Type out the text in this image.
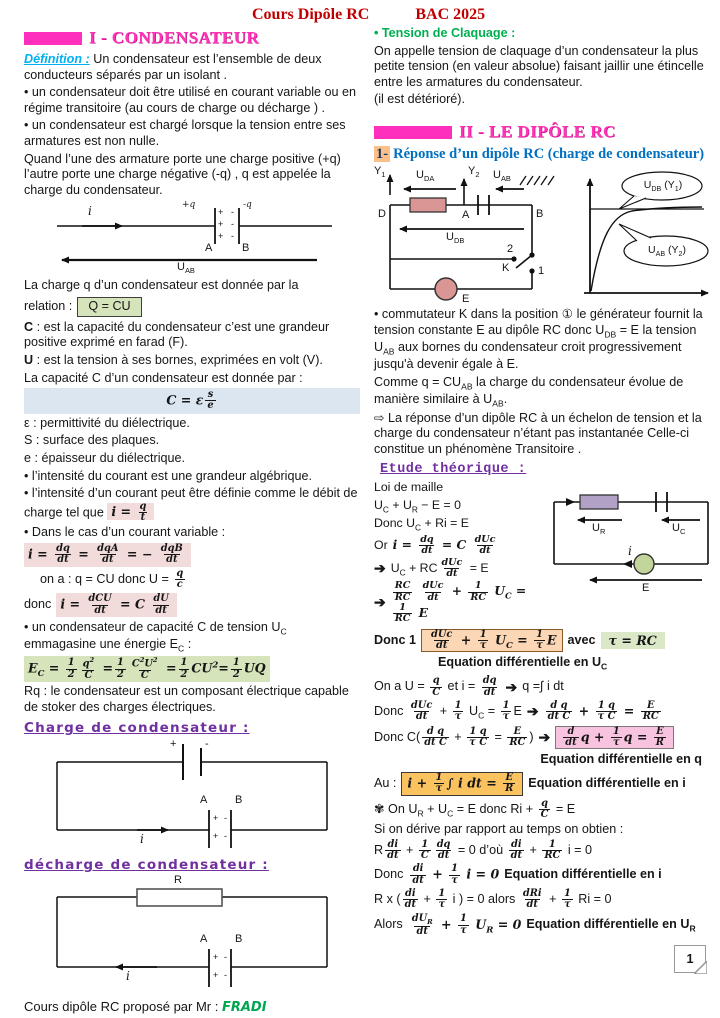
Cours Dipôle RC	BAC 2025
I - CONDENSATEUR

Définition : Un condensateur est l’ensemble de deux conducteurs séparés par un isolant .

• un condensateur doit être utilisé en courant variable ou en régime transitoire (au cours de charge ou décharge ) .

• un condensateur est chargé lorsque la tension entre ses armatures est non nulle.

Quand l’une des armature porte une charge positive (+q) l’autre porte une charge négative (-q) , q est appelée la charge du condensateur.

i	+q	-q
+
+
+
-
-
-
A	B
$U_{AB}$

La charge q d’un condensateur est donnée par la

relation :	Q = CU

C : est la capacité du condensateur c’est une grandeur positive exprimé en farad (F).

U : est la tension à ses bornes, exprimées en volt (V).

La capacité C d’un condensateur est donnée par :

C = ε $\frac{s}{e}$

ε : permittivité du diélectrique.

S : surface des plaques.

e : épaisseur du diélectrique.

• l’intensité du courant est une grandeur algébrique.

• l’intensité d’un courant peut être définie comme le débit de charge tel que $i = \frac{q}{t}$

• Dans le cas d’un courant variable :

$i = \frac{dq}{dt} = \frac{\text{dqA}}{dt}$ = − $\frac{\text{dqB}}{dt}$

on a : q = CU donc $U = \frac{q}{c}$

donc $i = \frac{\text{dCU}}{dt} = C \frac{dU}{dt}$

• un condensateur de capacité C de tension $U_C$ emmagasine une énergie $E_C$ :

$E_C = \frac{1}{2} \frac{q^2}{C} = \frac{1}{2} \frac{C^2U^2}{C} = \frac{1}{2} CU^2= \frac{1}{2}$ UQ

Rq : le condensateur est un composant électrique capable de stoker des charges électriques.

Charge de condensateur :
+	-
A	B
+
+
-
-
i
décharge de condensateur :
R
A	B
+
+
-
-
i

Cours dipôle RC proposé par Mr : FRADI

• Tension de Claquage :

On appelle tension de claquage d’un condensateur la plus petite tension (en valeur absolue) faisant jaillir une étincelle entre les armatures du condensateur.

(il est détérioré).

II - LE DIPÔLE RC

1- Réponse d’un dipôle RC (charge de condensateur)

$Y_1$	$U_{DA}$
$Y_2$ $U_{AB}$
D	A	B
$U_{DB}$
2
K	1
E
$U_{DB}$ $(Y_1)$
$U_{AB}$ $(Y_2)$

• commutateur K dans la position ① le générateur fournit la tension constante E au dipôle RC donc $U_{DB} = E$ la tension $U_{AB}$ aux bornes du condensateur croit progressivement jusqu'à devenir égale à E.

Comme $q = CU_{AB}$ la charge du condensateur évolue de manière similaire à $U_{AB}$.

⇨ La réponse d’un dipôle RC à un échelon de tension et la charge du condensateur n’étant pas instantanée Celle-ci constitue un phénomène Transitoire .

Etude théorique :

Loi de maille

$U_C + U_R - E = 0$

Donc $U_C + Ri = E$

Or $i = \frac{dq}{dt} = C \frac{\text{dUc}}{dt}$

➔ $U_C$ + RC $\frac{\text{dUc}}{dt} = E$

➔ $\frac{RC}{RC}$
$\frac{\text{dUc}}{dt} + \frac{1}{RC} U_C$ =
$\frac{1}{RC}$ E

$U_R$	$U_C$
i
E

Donc $1 \frac{\text{dUc}}{dt} + \frac{1}{\tau} U_C = \frac{1}{\tau}$ E avec	τ = RC

Equation différentielle en $U_C$

On a $U = \frac{q}{C}$ et $i = \frac{dq}{dt}$ ➔ q =∫ i dt

Donc $\frac{\text{dUc}}{dt} + \frac{1}{\tau} U_C = \frac{1}{\tau}$ E ➔ $\frac{\text{d q}}{\text{dt C}} + \frac{1 q}{\text{τ C}} = \frac{E}{RC}$

Donc $C( \frac{\text{d q}}{\text{dt C}} + \frac{1 q}{\text{τ C}} = \frac{E}{RC}$ ) ➔ $\frac{d}{dt}$ $q + \frac{1}{\tau}$ $q = \frac{E}{R}$

Equation différentielle en q

Au : $i + \frac{1}{\tau}$ ∫ i dt = $\frac{E}{R}$ Equation différentielle en i

✾ On $U_R + U_C = E$ donc $Ri + \frac{q}{C} = E$

Si on dérive par rapport au temps on obtien :

R $\frac{di}{dt} + \frac{1}{C} \frac{dq}{dt} = 0$ d’où $\frac{di}{dt} + \frac{1}{RC}$ i = 0

Donc $\frac{di}{dt} + \frac{1}{\tau}$ i = 0 Equation différentielle en i

R x ( $\frac{di}{dt} + \frac{1}{\tau}$ i ) = 0 alors $\frac{\text{dRi}}{dt} + \frac{1}{\tau}$ Ri = 0

Alors $\frac{dU_R}{dt} + \frac{1}{\tau} U_R = 0$ Equation différentielle en $U_R$

1
